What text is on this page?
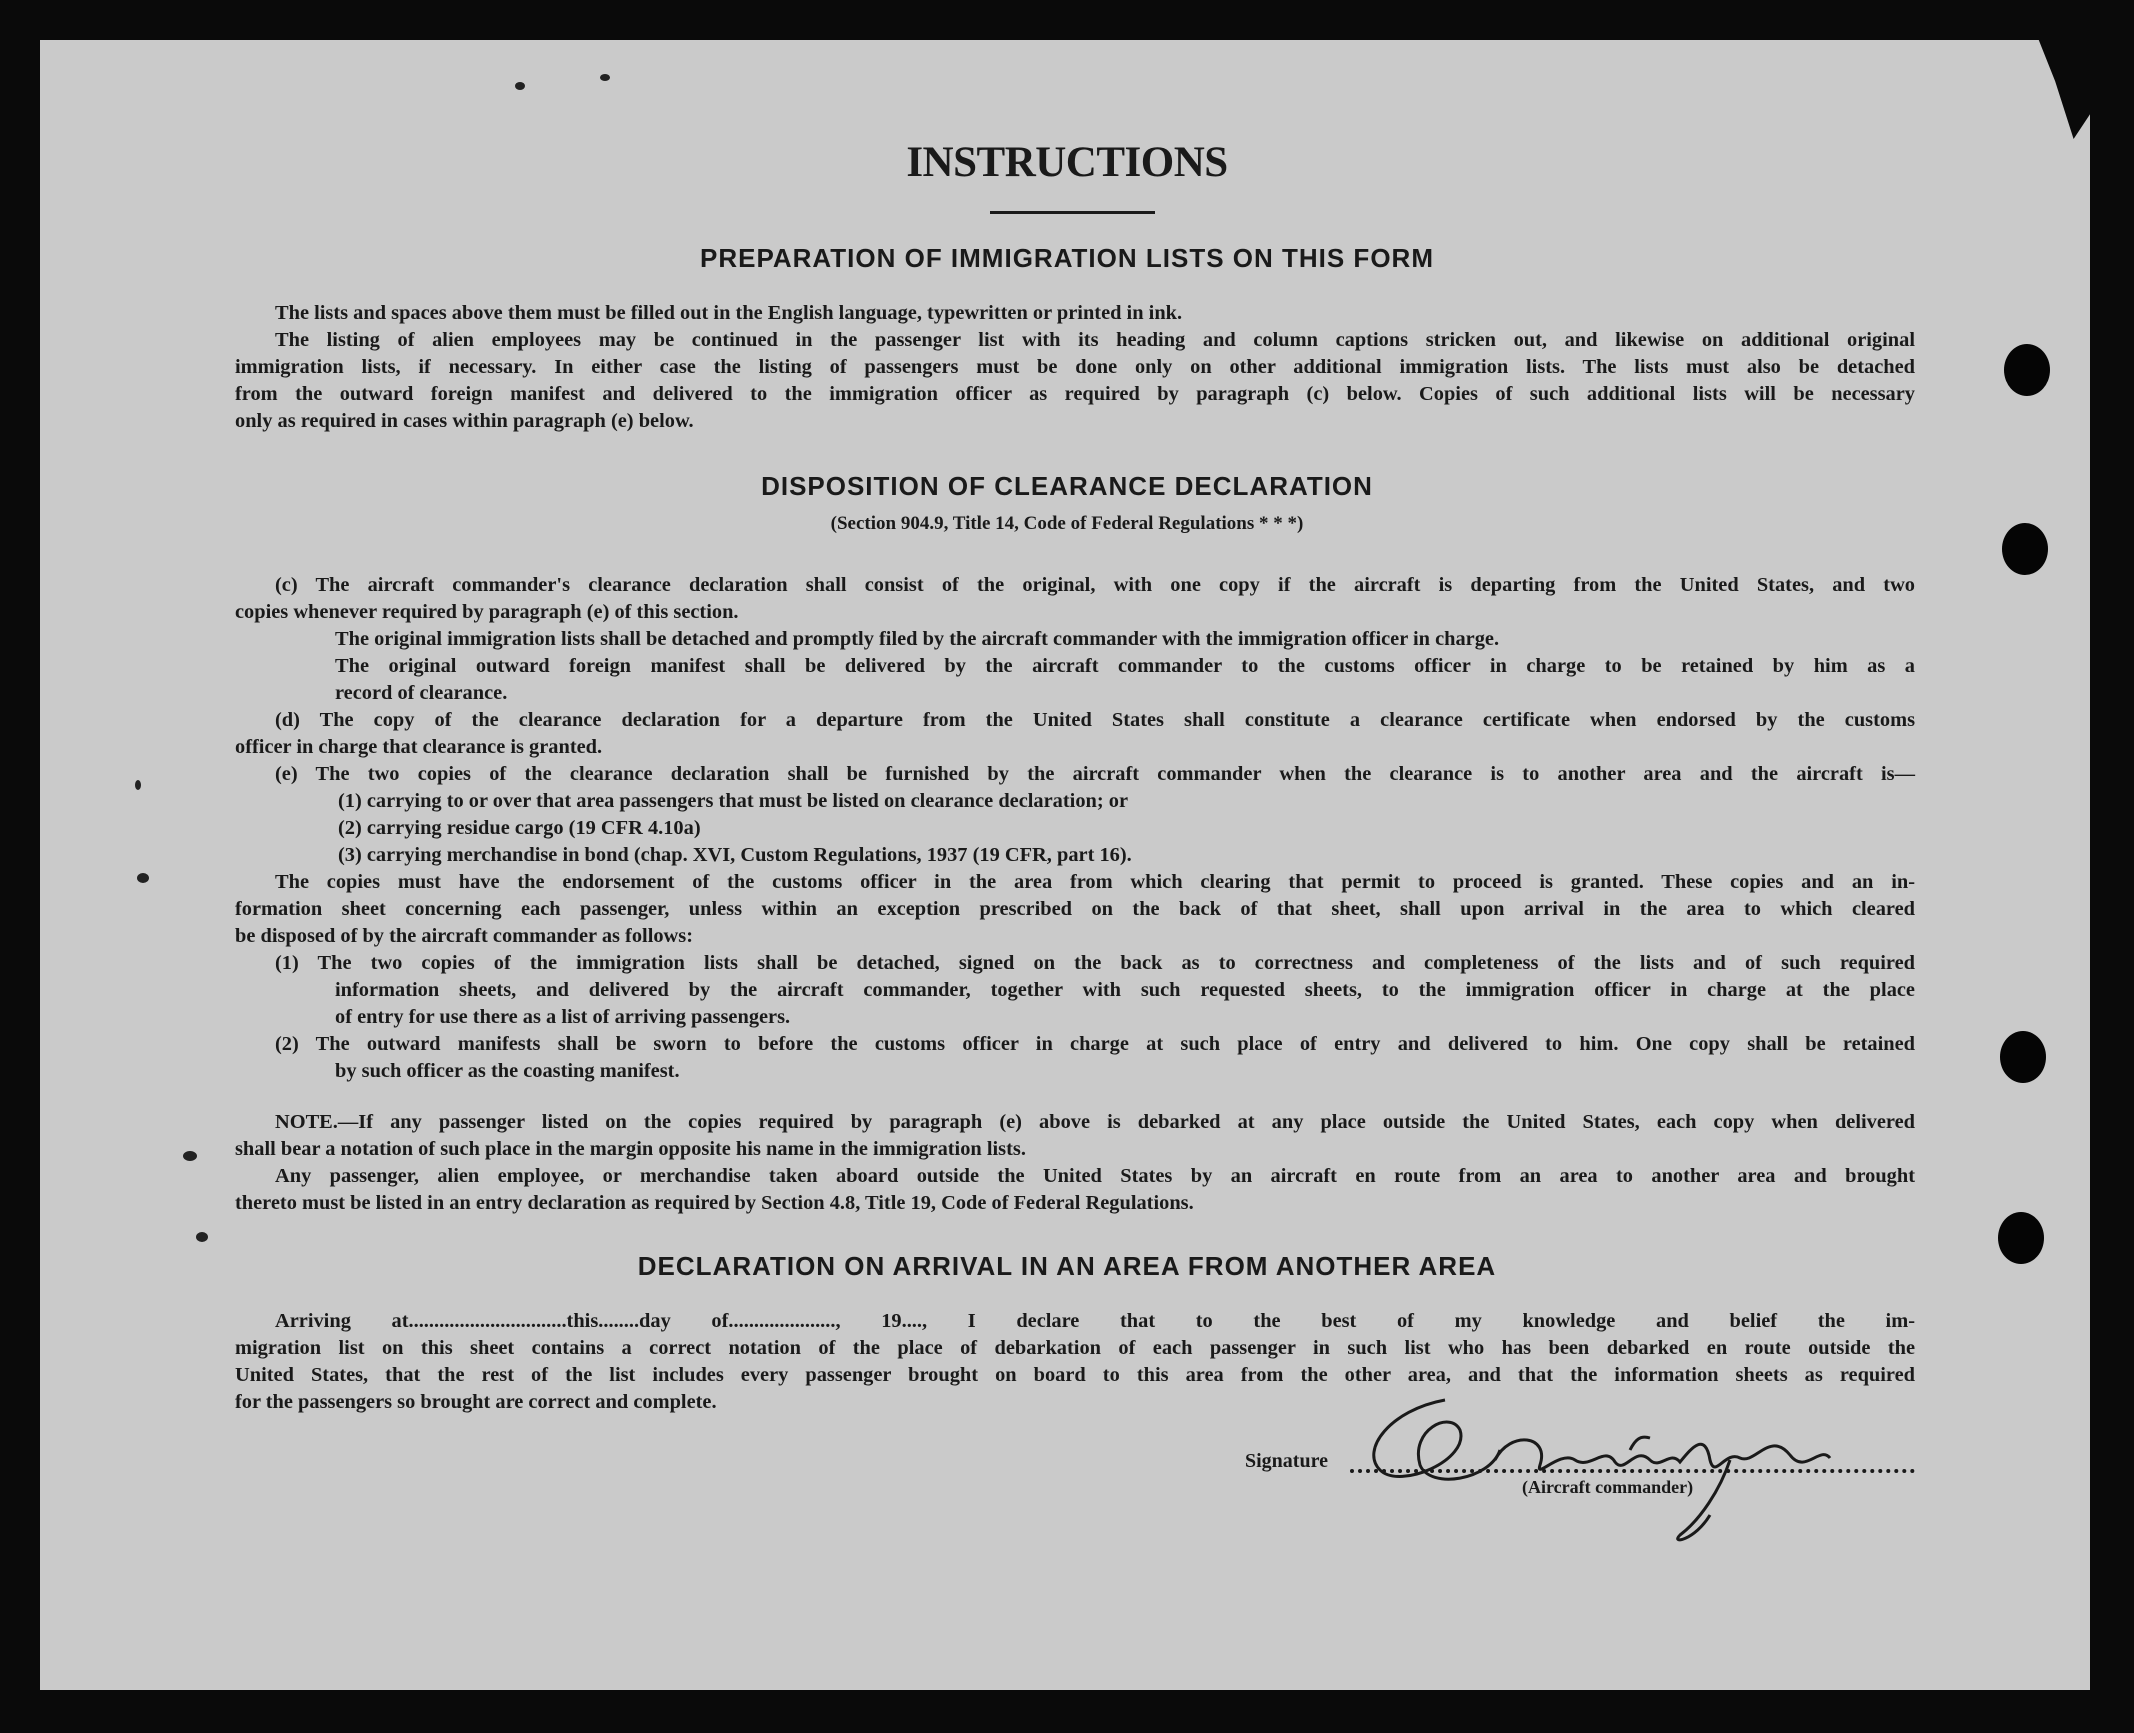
INSTRUCTIONS
PREPARATION OF IMMIGRATION LISTS ON THIS FORM
The lists and spaces above them must be filled out in the English language, typewritten or printed in ink.
The listing of alien employees may be continued in the passenger list with its heading and column captions stricken out, and likewise on additional original
immigration lists, if necessary. In either case the listing of passengers must be done only on other additional immigration lists. The lists must also be detached
from the outward foreign manifest and delivered to the immigration officer as required by paragraph (c) below. Copies of such additional lists will be necessary
only as required in cases within paragraph (e) below.
DISPOSITION OF CLEARANCE DECLARATION
(Section 904.9, Title 14, Code of Federal Regulations * * *)
(c) The aircraft commander's clearance declaration shall consist of the original, with one copy if the aircraft is departing from the United States, and two
copies whenever required by paragraph (e) of this section.
The original immigration lists shall be detached and promptly filed by the aircraft commander with the immigration officer in charge.
The original outward foreign manifest shall be delivered by the aircraft commander to the customs officer in charge to be retained by him as a
record of clearance.
(d) The copy of the clearance declaration for a departure from the United States shall constitute a clearance certificate when endorsed by the customs
officer in charge that clearance is granted.
(e) The two copies of the clearance declaration shall be furnished by the aircraft commander when the clearance is to another area and the aircraft is—
(1) carrying to or over that area passengers that must be listed on clearance declaration; or
(2) carrying residue cargo (19 CFR 4.10a)
(3) carrying merchandise in bond (chap. XVI, Custom Regulations, 1937 (19 CFR, part 16).
The copies must have the endorsement of the customs officer in the area from which clearing that permit to proceed is granted. These copies and an in-
formation sheet concerning each passenger, unless within an exception prescribed on the back of that sheet, shall upon arrival in the area to which cleared
be disposed of by the aircraft commander as follows:
(1) The two copies of the immigration lists shall be detached, signed on the back as to correctness and completeness of the lists and of such required
information sheets, and delivered by the aircraft commander, together with such requested sheets, to the immigration officer in charge at the place
of entry for use there as a list of arriving passengers.
(2) The outward manifests shall be sworn to before the customs officer in charge at such place of entry and delivered to him. One copy shall be retained
by such officer as the coasting manifest.
NOTE.—If any passenger listed on the copies required by paragraph (e) above is debarked at any place outside the United States, each copy when delivered
shall bear a notation of such place in the margin opposite his name in the immigration lists.
Any passenger, alien employee, or merchandise taken aboard outside the United States by an aircraft en route from an area to another area and brought
thereto must be listed in an entry declaration as required by Section 4.8, Title 19, Code of Federal Regulations.
DECLARATION ON ARRIVAL IN AN AREA FROM ANOTHER AREA
Arriving at...............................this........day of....................., 19...., I declare that to the best of my knowledge and belief the im-
migration list on this sheet contains a correct notation of the place of debarkation of each passenger in such list who has been debarked en route outside the
United States, that the rest of the list includes every passenger brought on board to this area from the other area, and that the information sheets as required
for the passengers so brought are correct and complete.
Signature
(Aircraft commander)
